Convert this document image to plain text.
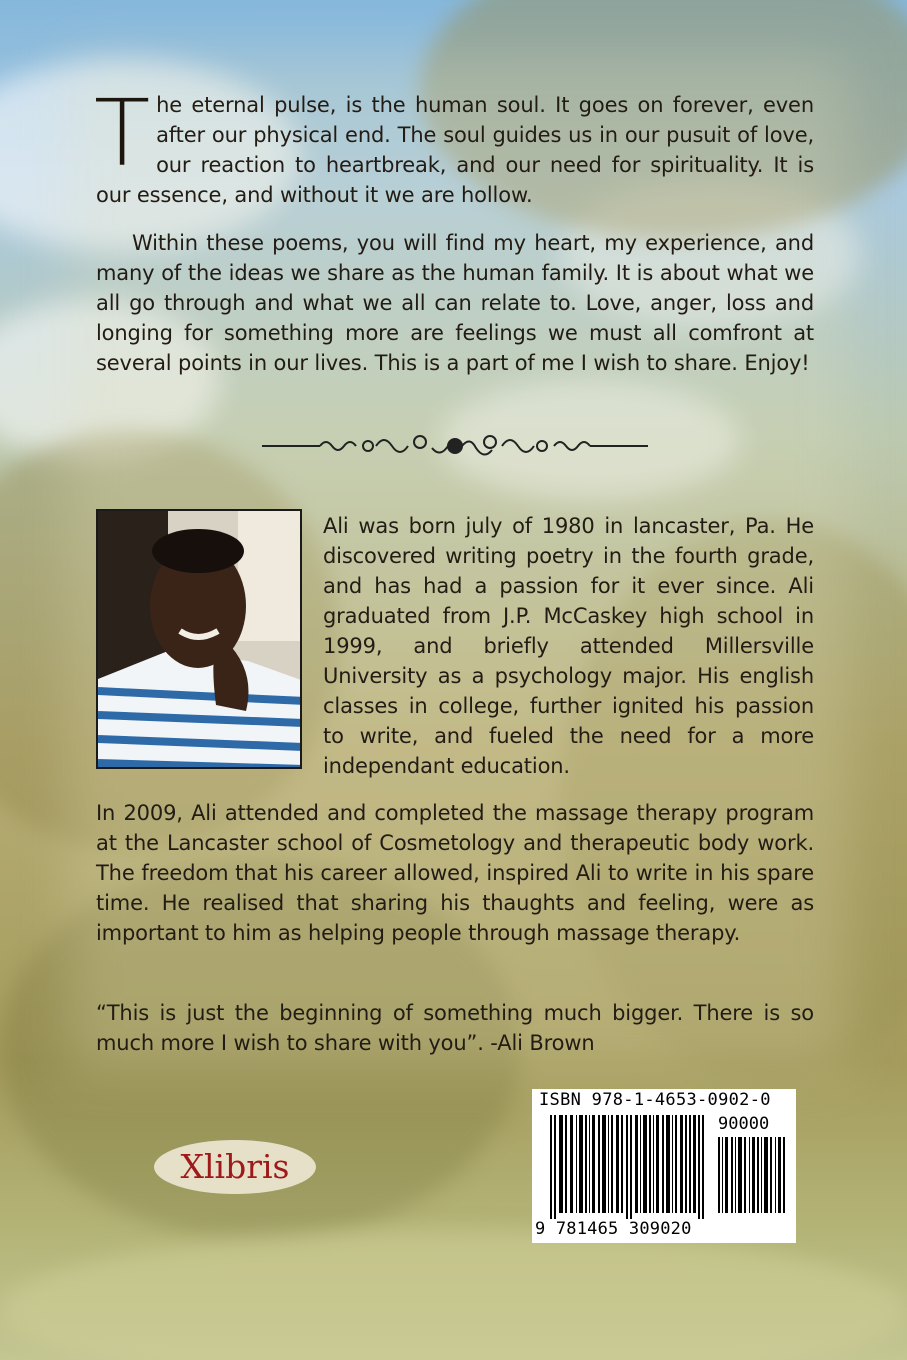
The eternal pulse, is the human soul. It goes on forever, even after our physical end. The soul guides us in our pusuit of love, our reaction to heartbreak, and our need for spirituality. It is our essence, and without it we are hollow.

Within these poems, you will find my heart, my experience, and many of the ideas we share as the human family. It is about what we all go through and what we all can relate to. Love, anger, loss and longing for something more are feelings we must all comfront at several points in our lives. This is a part of me I wish to share. Enjoy!

Ali was born july of 1980 in lancaster, Pa. He discovered writing poetry in the fourth grade, and has had a passion for it ever since. Ali graduated from J.P. McCaskey high school in 1999, and briefly attended Millersville University as a psychology major. His english classes in college, further ignited his passion to write, and fueled the need for a more independant education.
In 2009, Ali attended and completed the massage therapy program at the Lancaster school of Cosmetology and therapeutic body work. The freedom that his career allowed, inspired Ali to write in his spare time. He realised that sharing his thaughts and feeling, were as important to him as helping people through massage therapy.
“This is just the beginning of something much bigger. There is so much more I wish to share with you”. -Ali Brown
Xlibris
ISBN 978-1-4653-0902-0
90000
9 781465 309020
